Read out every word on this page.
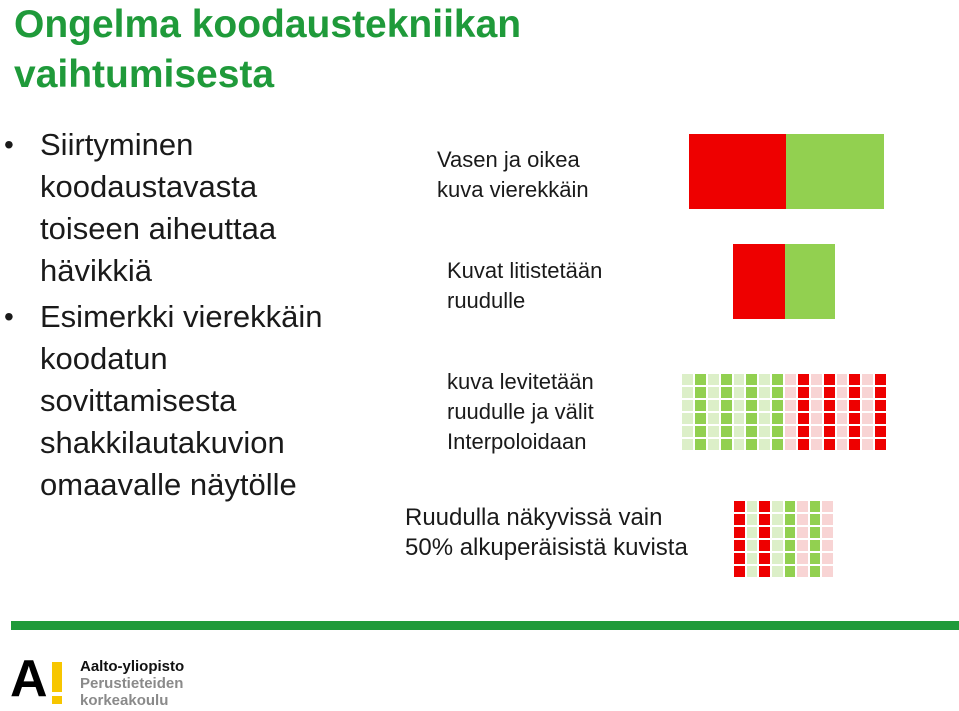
Ongelma koodaustekniikan
vaihtumisesta
• Siirtyminen
koodaustavasta
toiseen aiheuttaa
hävikkiä
• Esimerkki vierekkäin
koodatun
sovittamisesta
shakkilautakuvion
omaavalle näytölle
Vasen ja oikea
kuva vierekkäin
Kuvat litistetään
ruudulle
kuva levitetään
ruudulle ja välit
Interpoloidaan
Ruudulla näkyvissä vain
50% alkuperäisistä kuvista
A Aalto-yliopisto
Perustieteiden
korkeakoulu
